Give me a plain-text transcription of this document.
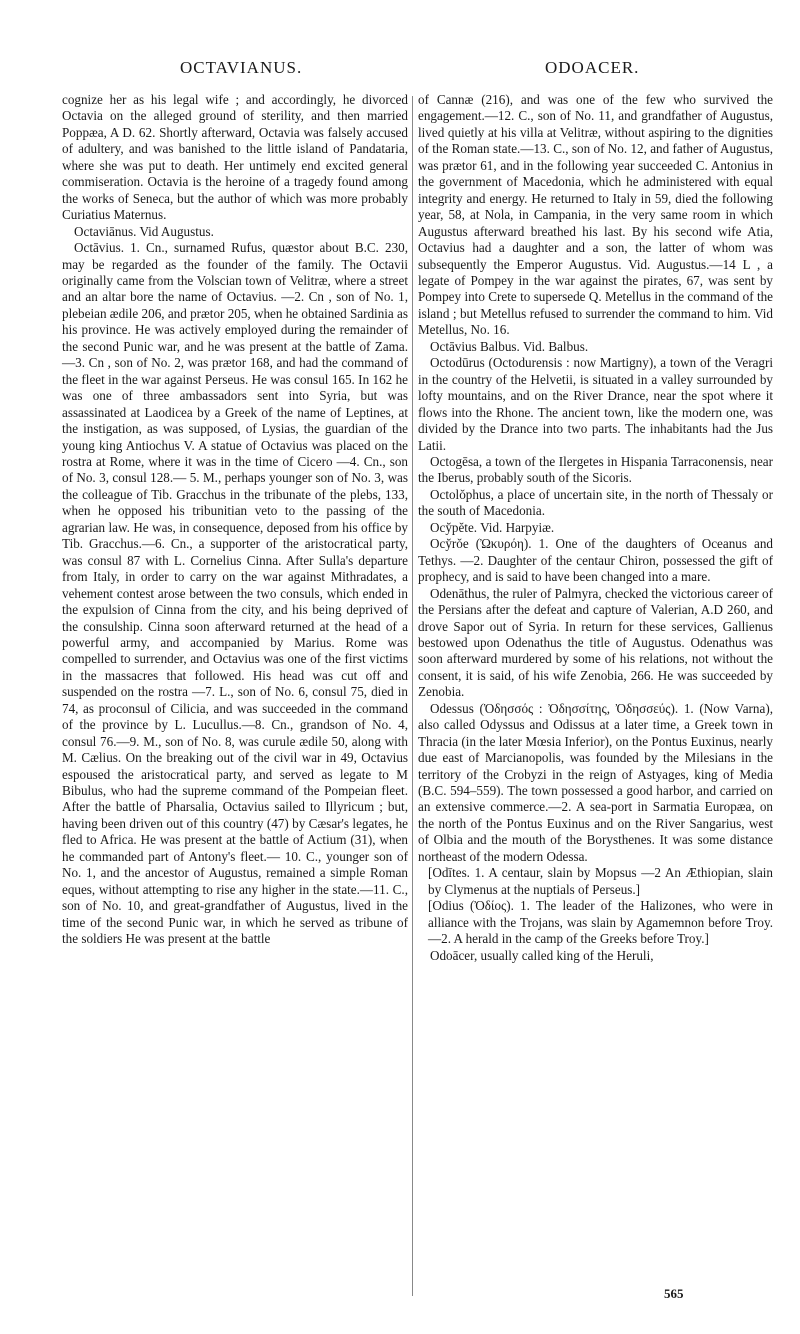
OCTAVIANUS.	ODOACER.

cognize her as his legal wife ; and accordingly, he divorced Octavia on the alleged ground of sterility, and then married Poppæa, A D. 62. Shortly afterward, Octavia was falsely accused of adultery, and was banished to the little island of Pandataria, where she was put to death. Her untimely end excited general commiseration. Octavia is the heroine of a tragedy found among the works of Seneca, but the author of which was more probably Curiatius Maternus.

Octaviānus. Vid Augustus.

Octāvius. 1. Cn., surnamed Rufus, quæstor about B.C. 230, may be regarded as the founder of the family. The Octavii originally came from the Volscian town of Velitræ, where a street and an altar bore the name of Octavius. —2. Cn , son of No. 1, plebeian ædile 206, and prætor 205, when he obtained Sardinia as his province. He was actively employed during the remainder of the second Punic war, and he was present at the battle of Zama.—3. Cn , son of No. 2, was prætor 168, and had the command of the fleet in the war against Perseus. He was consul 165. In 162 he was one of three ambassadors sent into Syria, but was assassinated at Laodicea by a Greek of the name of Leptines, at the instigation, as was supposed, of Lysias, the guardian of the young king Antiochus V. A statue of Octavius was placed on the rostra at Rome, where it was in the time of Cicero —4. Cn., son of No. 3, consul 128.— 5. M., perhaps younger son of No. 3, was the colleague of Tib. Gracchus in the tribunate of the plebs, 133, when he opposed his tribunitian veto to the passing of the agrarian law. He was, in consequence, deposed from his office by Tib. Gracchus.—6. Cn., a supporter of the aristocratical party, was consul 87 with L. Cornelius Cinna. After Sulla's departure from Italy, in order to carry on the war against Mithradates, a vehement contest arose between the two consuls, which ended in the expulsion of Cinna from the city, and his being deprived of the consulship. Cinna soon afterward returned at the head of a powerful army, and accompanied by Marius. Rome was compelled to surrender, and Octavius was one of the first victims in the massacres that followed. His head was cut off and suspended on the rostra —7. L., son of No. 6, consul 75, died in 74, as proconsul of Cilicia, and was succeeded in the command of the province by L. Lucullus.—8. Cn., grandson of No. 4, consul 76.—9. M., son of No. 8, was curule ædile 50, along with M. Cælius. On the breaking out of the civil war in 49, Octavius espoused the aristocratical party, and served as legate to M Bibulus, who had the supreme command of the Pompeian fleet. After the battle of Pharsalia, Octavius sailed to Illyricum ; but, having been driven out of this country (47) by Cæsar's legates, he fled to Africa. He was present at the battle of Actium (31), when he commanded part of Antony's fleet.— 10. C., younger son of No. 1, and the ancestor of Augustus, remained a simple Roman eques, without attempting to rise any higher in the state.—11. C., son of No. 10, and great-grandfather of Augustus, lived in the time of the second Punic war, in which he served as tribune of the soldiers He was present at the battle

of Cannæ (216), and was one of the few who survived the engagement.—12. C., son of No. 11, and grandfather of Augustus, lived quietly at his villa at Velitræ, without aspiring to the dignities of the Roman state.—13. C., son of No. 12, and father of Augustus, was prætor 61, and in the following year succeeded C. Antonius in the government of Macedonia, which he administered with equal integrity and energy. He returned to Italy in 59, died the following year, 58, at Nola, in Campania, in the very same room in which Augustus afterward breathed his last. By his second wife Atia, Octavius had a daughter and a son, the latter of whom was subsequently the Emperor Augustus. Vid. Augustus.—14 L , a legate of Pompey in the war against the pirates, 67, was sent by Pompey into Crete to supersede Q. Metellus in the command of the island ; but Metellus refused to surrender the command to him. Vid Metellus, No. 16.

Octāvius Balbus. Vid. Balbus.

Octodūrus (Octodurensis : now Martigny), a town of the Veragri in the country of the Helvetii, is situated in a valley surrounded by lofty mountains, and on the River Drance, near the spot where it flows into the Rhone. The ancient town, like the modern one, was divided by the Drance into two parts. The inhabitants had the Jus Latii.

Octogēsa, a town of the Ilergetes in Hispania Tarraconensis, near the Iberus, probably south of the Sicoris.

Octolŏphus, a place of uncertain site, in the north of Thessaly or the south of Macedonia.

Ocy̆pĕte. Vid. Harpyiæ.

Ocy̆rŏe (Ὠκυρόη). 1. One of the daughters of Oceanus and Tethys. —2. Daughter of the centaur Chiron, possessed the gift of prophecy, and is said to have been changed into a mare.

Odenāthus, the ruler of Palmyra, checked the victorious career of the Persians after the defeat and capture of Valerian, A.D 260, and drove Sapor out of Syria. In return for these services, Gallienus bestowed upon Odenathus the title of Augustus. Odenathus was soon afterward murdered by some of his relations, not without the consent, it is said, of his wife Zenobia, 266. He was succeeded by Zenobia.

Odessus (Ὀδησσός : Ὀδησσίτης, Ὀδησσεύς). 1. (Now Varna), also called Odyssus and Odissus at a later time, a Greek town in Thracia (in the later Mœsia Inferior), on the Pontus Euxinus, nearly due east of Marcianopolis, was founded by the Milesians in the territory of the Crobyzi in the reign of Astyages, king of Media (B.C. 594–559). The town possessed a good harbor, and carried on an extensive commerce.—2. A sea-port in Sarmatia Europæa, on the north of the Pontus Euxinus and on the River Sangarius, west of Olbia and the mouth of the Borysthenes. It was some distance northeast of the modern Odessa.

[Odītes. 1. A centaur, slain by Mopsus —2 An Æthiopian, slain by Clymenus at the nuptials of Perseus.]

[Odius (Ὀδίος). 1. The leader of the Halizones, who were in alliance with the Trojans, was slain by Agamemnon before Troy.—2. A herald in the camp of the Greeks before Troy.]

Odoācer, usually called king of the Heruli,

565
